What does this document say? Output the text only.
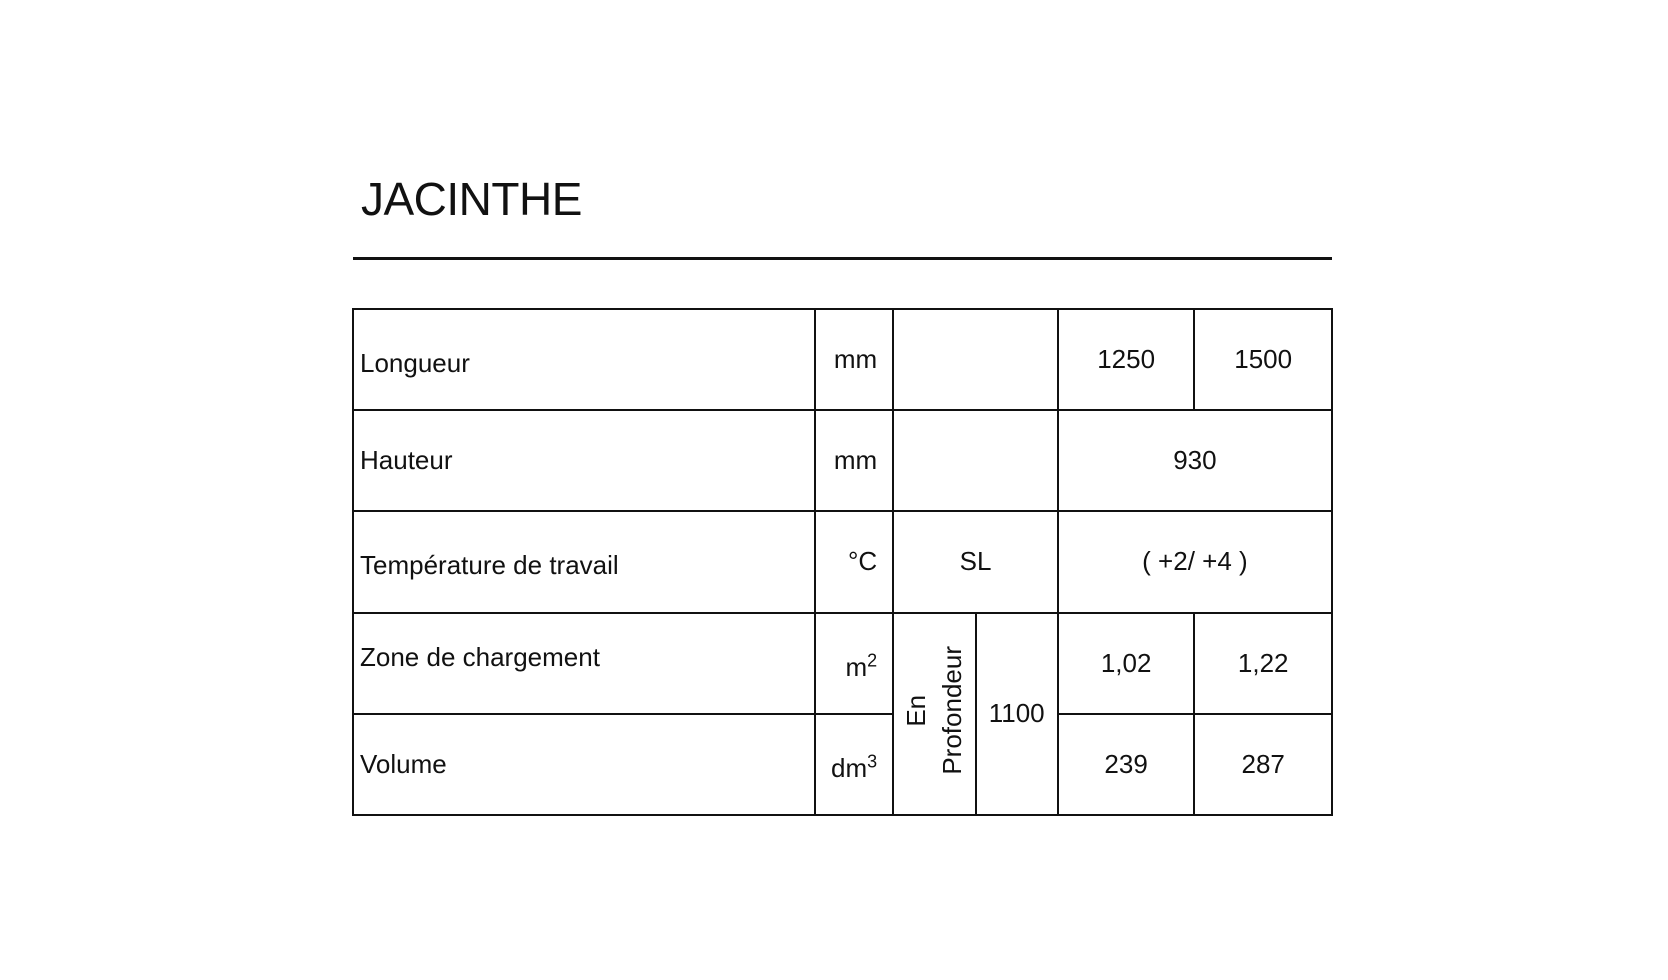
JACINTHE
Longueur	mm			1250	1500
Hauteur	mm			930	
Température de travail	°C	SL		( +2/ +4 )	
Zone de chargement	$m^2$	En Profondeur	1100	1,02	1,22
Volume	$dm^3$			239	287
